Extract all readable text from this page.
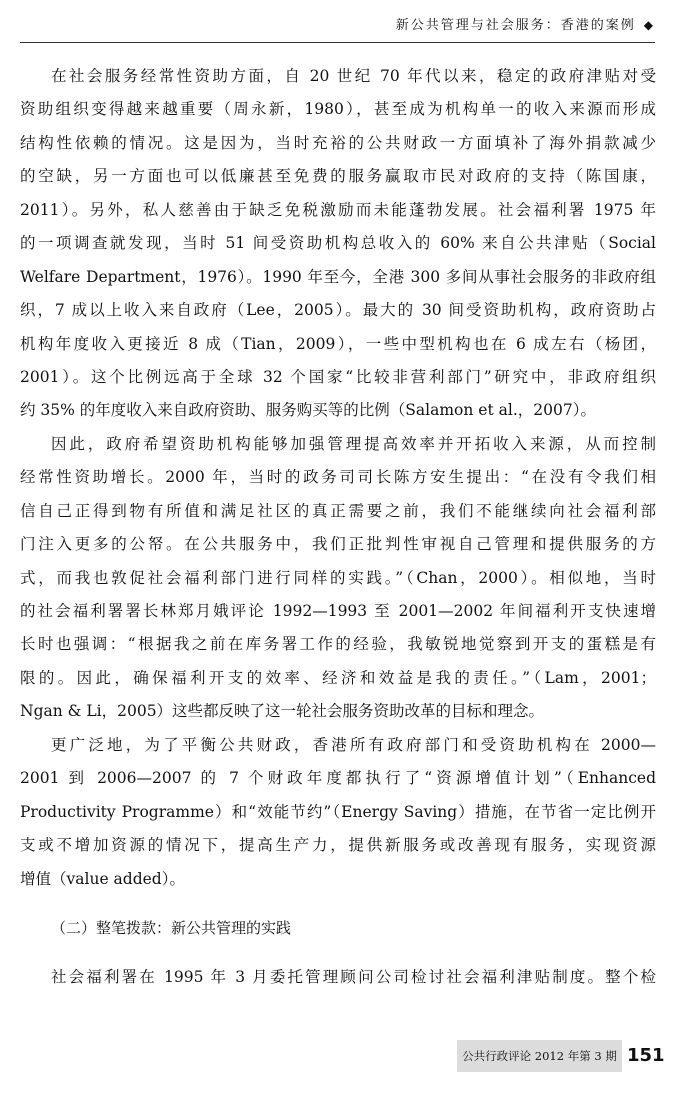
新公共管理与社会服务：香港的案例 ◆
在社会服务经常性资助方面，自 20 世纪 70 年代以来，稳定的政府津贴对受
资助组织变得越来越重要（周永新，1980），甚至成为机构单一的收入来源而形成
结构性依赖的情况。这是因为，当时充裕的公共财政一方面填补了海外捐款减少
的空缺，另一方面也可以低廉甚至免费的服务赢取市民对政府的支持（陈国康，
2011）。另外，私人慈善由于缺乏免税激励而未能蓬勃发展。社会福利署 1975 年
的一项调查就发现，当时 51 间受资助机构总收入的 60% 来自公共津贴（Social
Welfare Department，1976）。1990 年至今，全港 300 多间从事社会服务的非政府组
织，7 成以上收入来自政府（Lee，2005）。最大的 30 间受资助机构，政府资助占
机构年度收入更接近 8 成（Tian，2009），一些中型机构也在 6 成左右（杨团，
2001）。这个比例远高于全球 32 个国家“比较非营利部门”研究中，非政府组织
约 35% 的年度收入来自政府资助、服务购买等的比例（Salamon et al.，2007）。
因此，政府希望资助机构能够加强管理提高效率并开拓收入来源，从而控制
经常性资助增长。2000 年，当时的政务司司长陈方安生提出：“在没有令我们相
信自己正得到物有所值和满足社区的真正需要之前，我们不能继续向社会福利部
门注入更多的公帑。在公共服务中，我们正批判性审视自己管理和提供服务的方
式，而我也敦促社会福利部门进行同样的实践。”（Chan，2000）。相似地，当时
的社会福利署署长林郑月娥评论 1992—1993 至 2001—2002 年间福利开支快速增
长时也强调：“根据我之前在库务署工作的经验，我敏锐地觉察到开支的蛋糕是有
限的。因此，确保福利开支的效率、经济和效益是我的责任。”（Lam，2001；
Ngan & Li，2005）这些都反映了这一轮社会服务资助改革的目标和理念。
更广泛地，为了平衡公共财政，香港所有政府部门和受资助机构在 2000—
2001 到 2006—2007 的 7 个财政年度都执行了“资源增值计划”（Enhanced
Productivity Programme）和“效能节约”（Energy Saving）措施，在节省一定比例开
支或不增加资源的情况下，提高生产力，提供新服务或改善现有服务，实现资源
增值（value added）。
（二）整笔拨款：新公共管理的实践
社会福利署在 1995 年 3 月委托管理顾问公司检讨社会福利津贴制度。整个检
公共行政评论 2012 年第 3 期 151
